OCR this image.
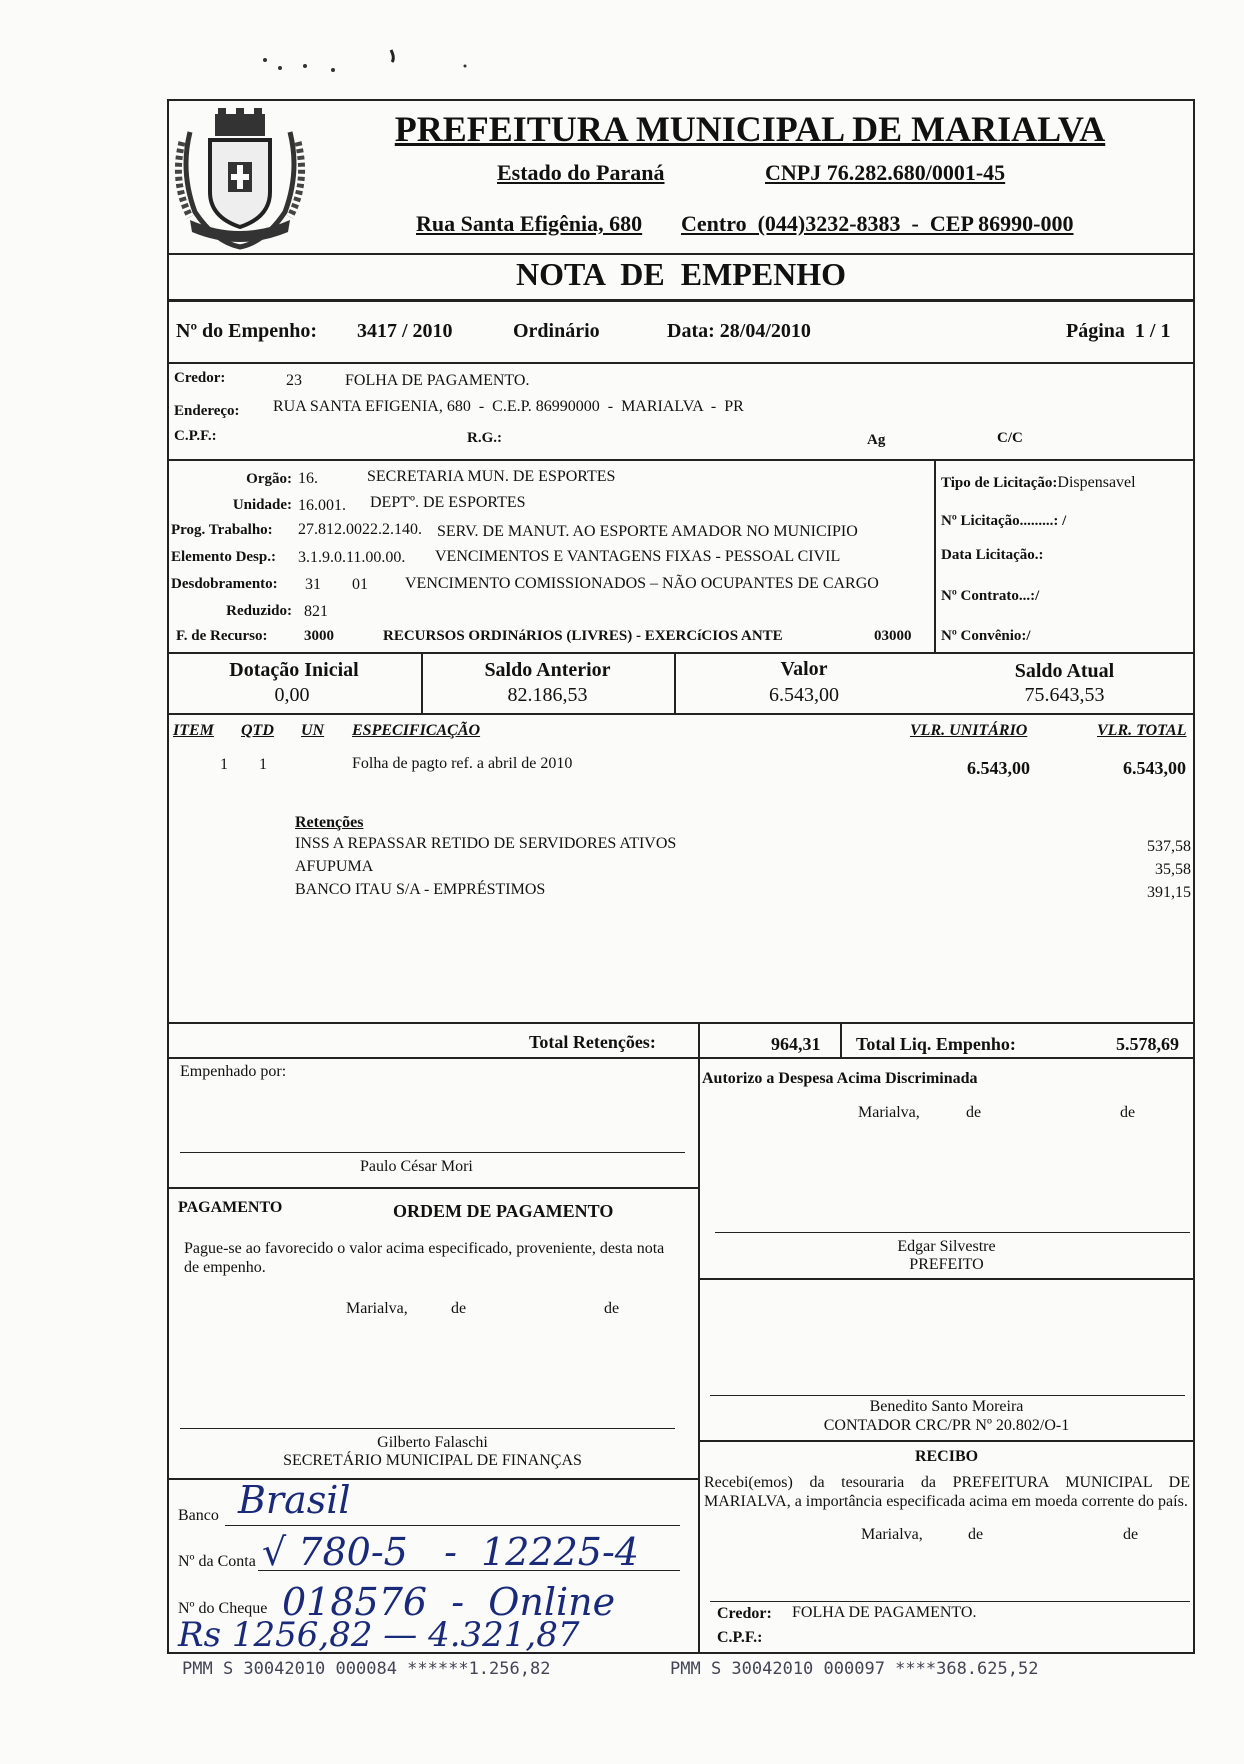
PREFEITURA MUNICIPAL DE MARIALVA
Estado do Paraná	CNPJ 76.282.680/0001-45
Rua Santa Efigênia, 680 Centro  (044)3232-8383  -  CEP 86990-000
NOTA  DE  EMPENHO
Nº do Empenho: 3417 / 2010	Ordinário	Data: 28/04/2010	Página  1 / 1
Credor:	23	FOLHA DE PAGAMENTO.
Endereço: RUA SANTA EFIGENIA, 680  -  C.E.P. 86990000  -  MARIALVA  -  PR
C.P.F.:	R.G.:	Ag	C/C
Orgão: 16.	SECRETARIA MUN. DE ESPORTES
Unidade: 16.001. DEPTº. DE ESPORTES
Prog. Trabalho: 27.812.0022.2.140. SERV. DE MANUT. AO ESPORTE AMADOR NO MUNICIPIO
Elemento Desp.: 3.1.9.0.11.00.00. VENCIMENTOS E VANTAGENS FIXAS - PESSOAL CIVIL
Desdobramento: 31 01 VENCIMENTO COMISSIONADOS – NÃO OCUPANTES DE CARGO
Reduzido: 821
F. de Recurso: 3000	RECURSOS ORDINáRIOS (LIVRES) - EXERCíCIOS ANTE	03000
Tipo de Licitação:Dispensavel
Nº Licitação.........: /
Data Licitação.:
Nº Contrato...:/
Nº Convênio:/
Dotação Inicial
0,00
Saldo Anterior
82.186,53
Valor
6.543,00
Saldo Atual
75.643,53
ITEM QTD UN ESPECIFICAÇÃO	VLR. UNITÁRIO	VLR. TOTAL
1 1	Folha de pagto ref. a abril de 2010	6.543,00	6.543,00
Retenções
INSS A REPASSAR RETIDO DE SERVIDORES ATIVOS	537,58
AFUPUMA	35,58
BANCO ITAU S/A - EMPRÉSTIMOS	391,15
Total Retenções:	964,31 Total Liq. Empenho:	5.578,69
Empenhado por:
Paulo César Mori
Autorizo a Despesa Acima Discriminada
Marialva,	de	de
Edgar Silvestre
PREFEITO
PAGAMENTO	ORDEM DE PAGAMENTO
Pague-se ao favorecido o valor acima especificado, proveniente, desta nota de empenho.
Marialva,	de	de
Benedito Santo Moreira
CONTADOR CRC/PR Nº 20.802/O-1
Gilberto Falaschi
SECRETÁRIO MUNICIPAL DE FINANÇAS	RECIBO
Recebi(emos) da tesouraria da PREFEITURA MUNICIPAL DE MARIALVA, a importância especificada acima em moeda corrente do país.
Marialva,	de	de
Credor: FOLHA DE PAGAMENTO.
C.P.F.:
Banco Brasil
Nº da Conta √ 780-5   -  12225-4
Nº do Cheque 018576  -  Online
Rs 1256,82 — 4.321,87
PMM S 30042010 000084 ******1.256,82	PMM S 30042010 000097 ****368.625,52
